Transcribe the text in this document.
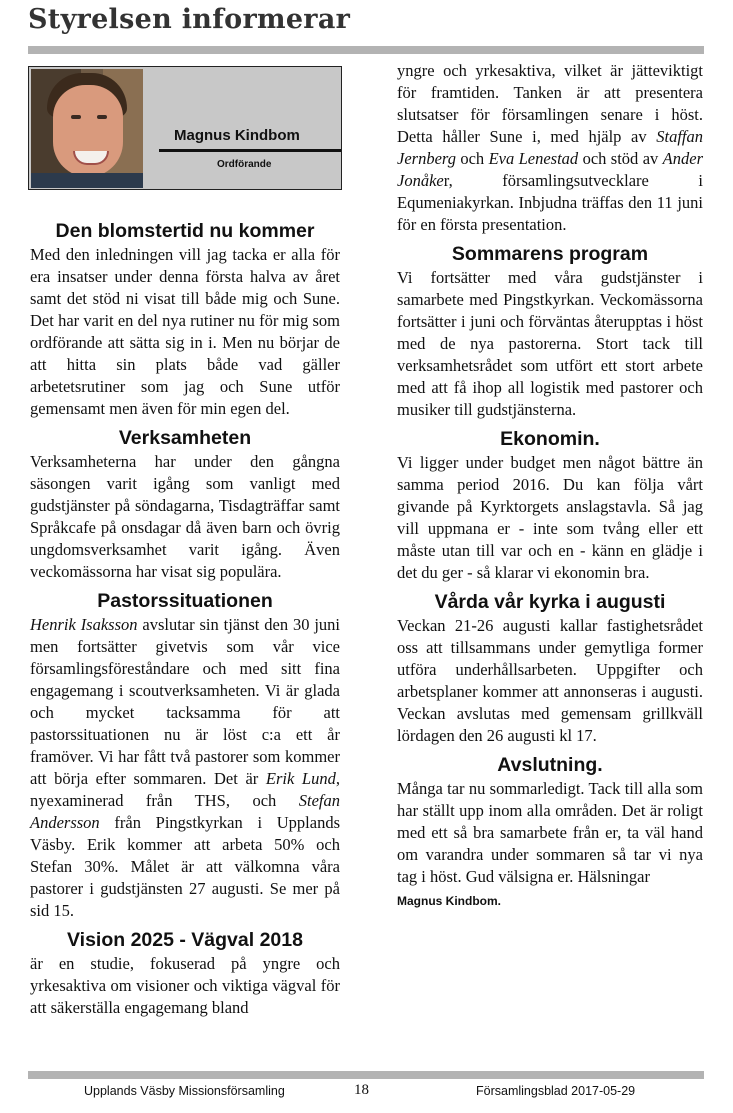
Styrelsen informerar
Magnus Kindbom
Ordförande
Den blomstertid nu kommer

Med den inledningen vill jag tacka er alla för era insatser under denna första halva av året samt det stöd ni visat till både mig och Sune. Det har varit en del nya rutiner nu för mig som ordförande att sätta sig in i. Men nu börjar de att hitta sin plats både vad gäller arbetetsrutiner som jag och Sune utför gemensamt men även för min egen del.

Verksamheten

Verksamheterna har under den gångna säsongen varit igång som vanligt med gudstjänster på söndagarna, Tisdagträffar samt Språkcafe på onsdagar då även barn och övrig ungdomsverksamhet varit igång. Även veckomässorna har visat sig populära.

Pastorssituationen

Henrik Isaksson avslutar sin tjänst den 30 juni men fortsätter givetvis som vår vice församlingsföreståndare och med sitt fina engagemang i scoutverksamheten. Vi är glada och mycket tacksamma för att pastorssituationen nu är löst c:a ett år framöver. Vi har fått två pastorer som kommer att börja efter sommaren. Det är Erik Lund, nyexaminerad från THS, och Stefan Andersson från Pingstkyrkan i Upplands Väsby. Erik kommer att arbeta 50% och Stefan 30%. Målet är att välkomna våra pastorer i gudstjänsten 27 augusti. Se mer på sid 15.

Vision 2025 - Vägval 2018

är en studie, fokuserad på yngre och yrkesaktiva om visioner och viktiga vägval för att säkerställa engagemang bland

yngre och yrkesaktiva, vilket är jätteviktigt för framtiden. Tanken är att presentera slutsatser för församlingen senare i höst. Detta håller Sune i, med hjälp av Staffan Jernberg och Eva Lenestad och stöd av Ander Jonåker, församlingsutvecklare i Equmeniakyrkan. Inbjudna träffas den 11 juni för en första presentation.

Sommarens program

Vi fortsätter med våra gudstjänster i samarbete med Pingstkyrkan. Veckomässorna fortsätter i juni och förväntas återupptas i höst med de nya pastorerna. Stort tack till verksamhetsrådet som utfört ett stort arbete med att få ihop all logistik med pastorer och musiker till gudstjänsterna.

Ekonomin.

Vi ligger under budget men något bättre än samma period 2016. Du kan följa vårt givande på Kyrktorgets anslagstavla. Så jag vill uppmana er - inte som tvång eller ett måste utan till var och en - känn en glädje i det du ger - så klarar vi ekonomin bra.

Vårda vår kyrka i augusti

Veckan 21-26 augusti kallar fastighetsrådet oss att tillsammans under gemytliga former utföra underhållsarbeten. Uppgifter och arbetsplaner kommer att annonseras i augusti. Veckan avslutas med gemensam grillkväll lördagen den 26 augusti kl 17.

Avslutning.

Många tar nu sommarledigt. Tack till alla som har ställt upp inom alla områden. Det är roligt med ett så bra samarbete från er, ta väl hand om varandra under sommaren så tar vi nya tag i höst. Gud välsigna er. Hälsningar

Magnus Kindbom.
Upplands Väsby Missionsförsamling	18	Församlingsblad 2017-05-29
